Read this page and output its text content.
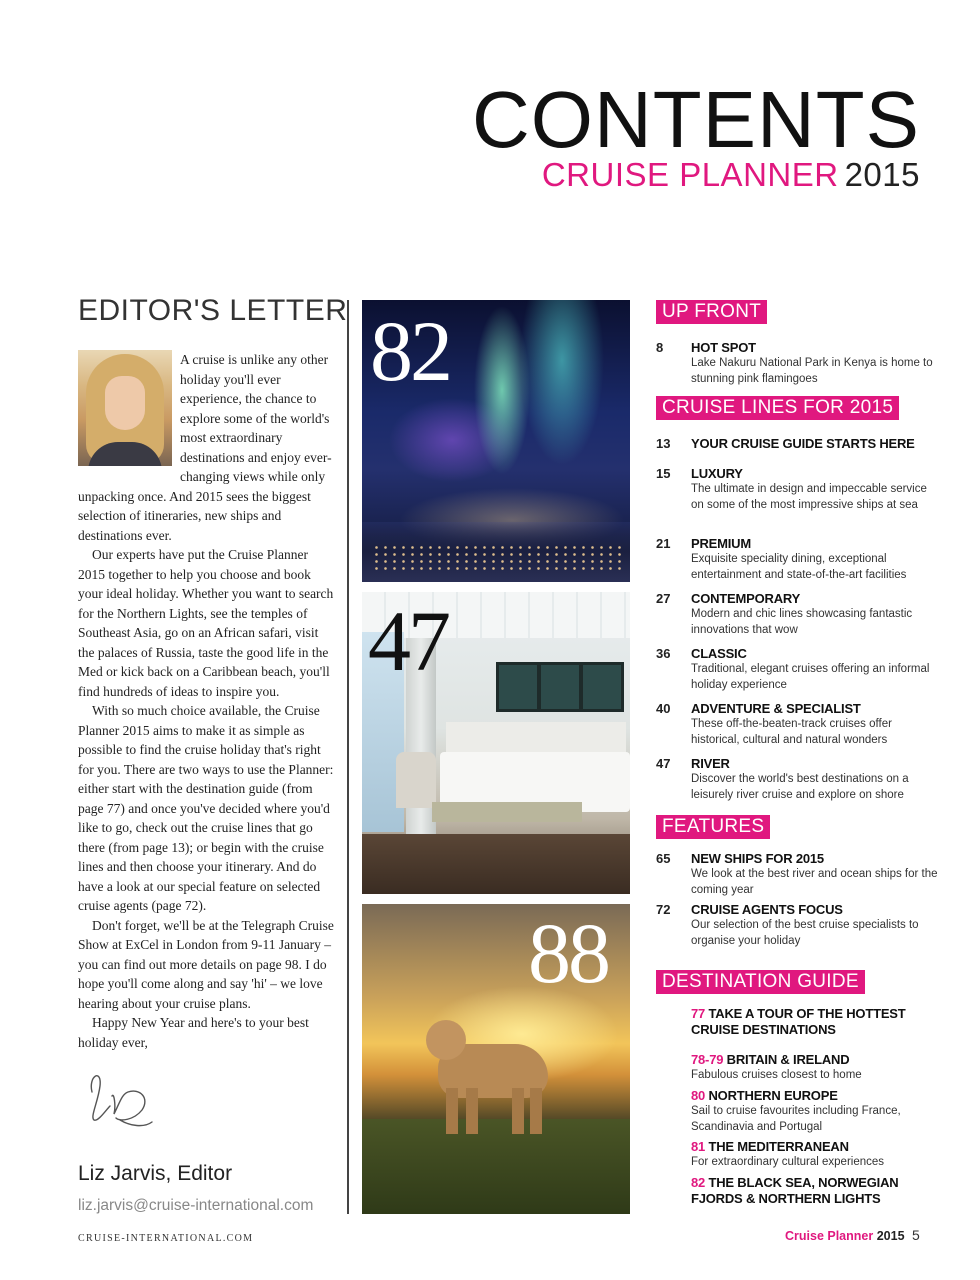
CONTENTS
CRUISE PLANNER 2015
EDITOR'S LETTER

A cruise is unlike any other holiday you'll ever experience, the chance to explore some of the world's most extraordinary destinations and enjoy ever-changing views while only unpacking once. And 2015 sees the biggest selection of itineraries, new ships and destinations ever.

Our experts have put the Cruise Planner 2015 together to help you choose and book your ideal holiday. Whether you want to search for the Northern Lights, see the temples of Southeast Asia, go on an African safari, visit the palaces of Russia, taste the good life in the Med or kick back on a Caribbean beach, you'll find hundreds of ideas to inspire you.

With so much choice available, the Cruise Planner 2015 aims to make it as simple as possible to find the cruise holiday that's right for you. There are two ways to use the Planner: either start with the destination guide (from page 77) and once you've decided where you'd like to go, check out the cruise lines that go there (from page 13); or begin with the cruise lines and then choose your itinerary. And do have a look at our special feature on selected cruise agents (page 72).

Don't forget, we'll be at the Telegraph Cruise Show at ExCel in London from 9-11 January – you can find out more details on page 98. I do hope you'll come along and say 'hi' – we love hearing about your cruise plans.

Happy New Year and here's to your best holiday ever,

Liz Jarvis, Editor
liz.jarvis@cruise-international.com
82
47
88
UP FRONT
8 HOT SPOT
Lake Nakuru National Park in Kenya is home to stunning pink flamingoes
CRUISE LINES FOR 2015
13 YOUR CRUISE GUIDE STARTS HERE
15 LUXURY
The ultimate in design and impeccable service on some of the most impressive ships at sea
21 PREMIUM
Exquisite speciality dining, exceptional entertainment and state-of-the-art facilities
27 CONTEMPORARY
Modern and chic lines showcasing fantastic innovations that wow
36 CLASSIC
Traditional, elegant cruises offering an informal holiday experience
40 ADVENTURE & SPECIALIST
These off-the-beaten-track cruises offer historical, cultural and natural wonders
47 RIVER
Discover the world's best destinations on a leisurely river cruise and explore on shore
FEATURES
65 NEW SHIPS FOR 2015
We look at the best river and ocean ships for the coming year
72 CRUISE AGENTS FOCUS
Our selection of the best cruise specialists to organise your holiday
DESTINATION GUIDE
77 TAKE A TOUR OF THE HOTTEST CRUISE DESTINATIONS
78-79 BRITAIN & IRELAND
Fabulous cruises closest to home
80 NORTHERN EUROPE
Sail to cruise favourites including France, Scandinavia and Portugal
81 THE MEDITERRANEAN
For extraordinary cultural experiences
82 THE BLACK SEA, NORWEGIAN FJORDS & NORTHERN LIGHTS
CRUISE-INTERNATIONAL.COM	Cruise Planner 2015 5
